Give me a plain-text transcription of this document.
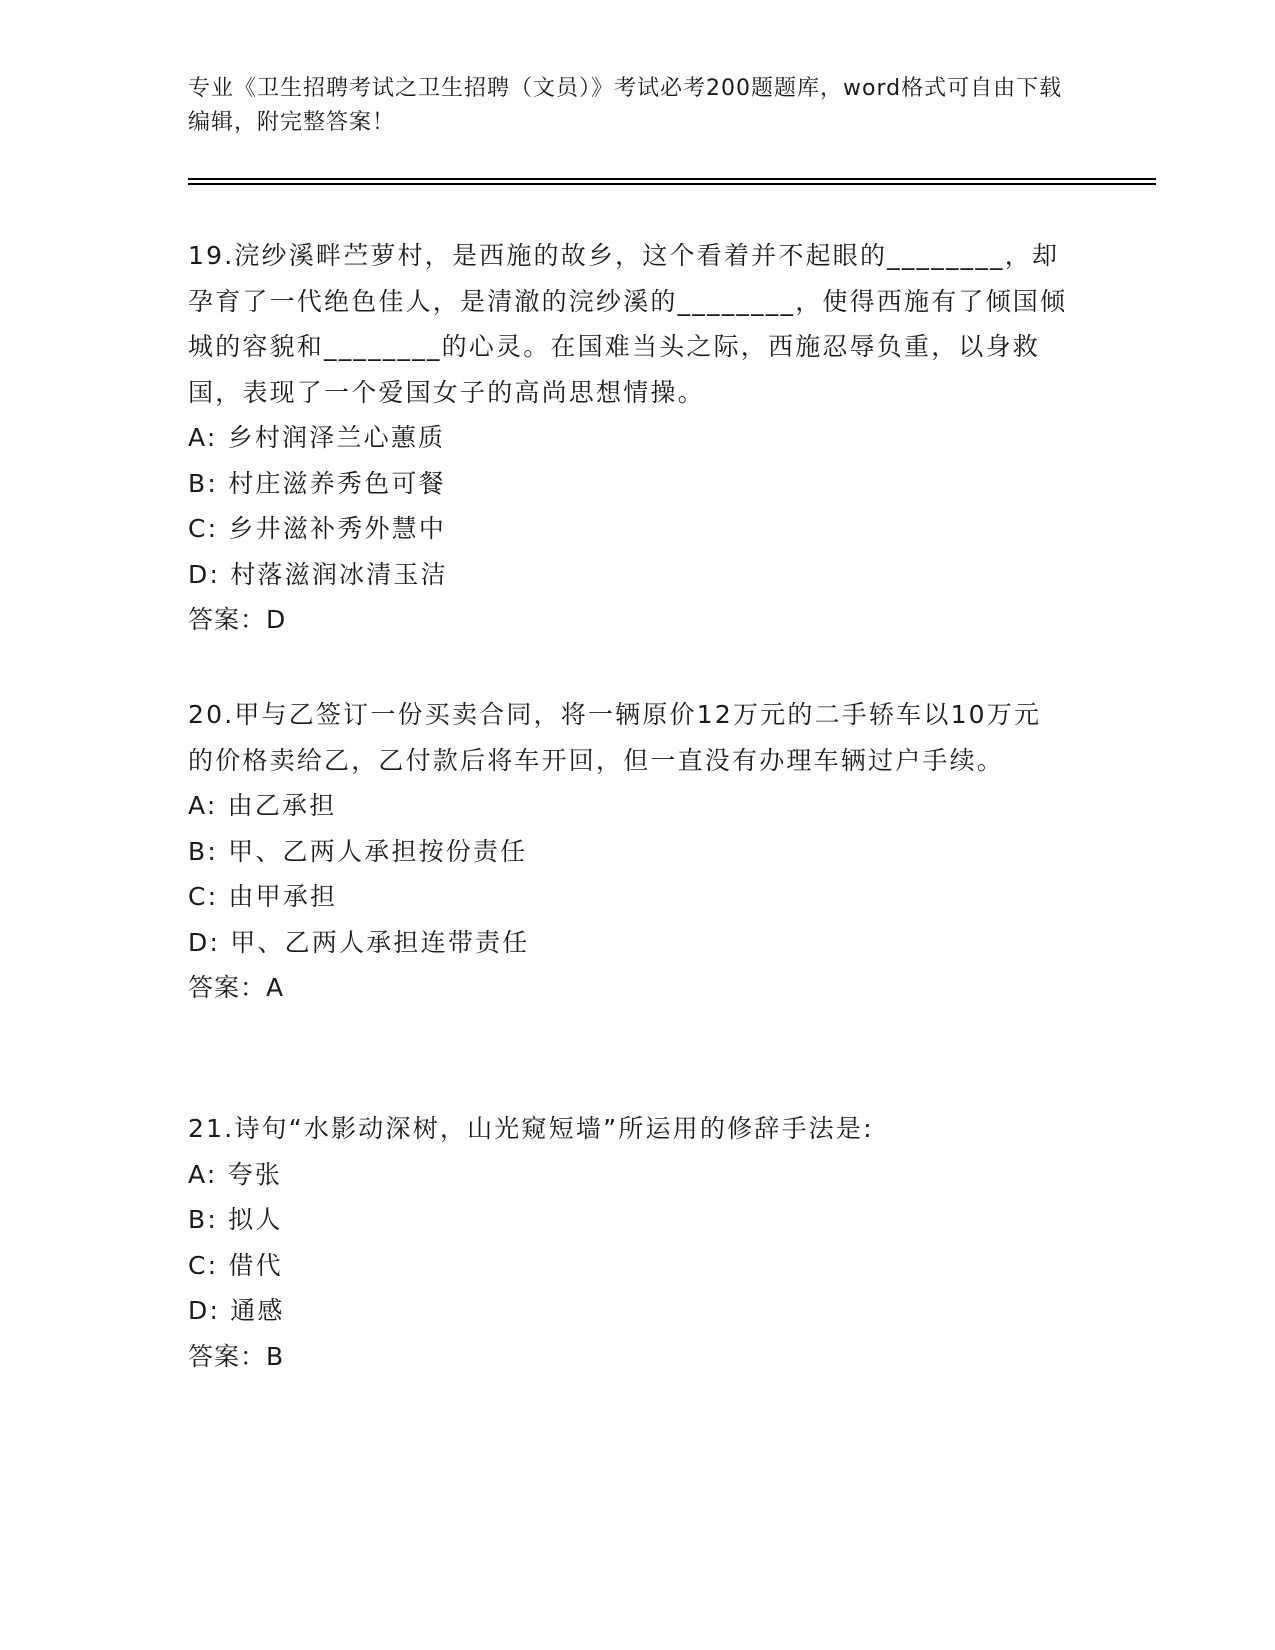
专业《卫生招聘考试之卫生招聘（文员）》考试必考200题题库，word格式可自由下载编辑，附完整答案！

19.浣纱溪畔苎萝村，是西施的故乡，这个看着并不起眼的________，却孕育了一代绝色佳人，是清澈的浣纱溪的________，使得西施有了倾国倾城的容貌和________的心灵。在国难当头之际，西施忍辱负重，以身救国，表现了一个爱国女子的高尚思想情操。

A: 乡村润泽兰心蕙质

B: 村庄滋养秀色可餐

C: 乡井滋补秀外慧中

D: 村落滋润冰清玉洁

答案：D

20.甲与乙签订一份买卖合同，将一辆原价12万元的二手轿车以10万元的价格卖给乙，乙付款后将车开回，但一直没有办理车辆过户手续。

A: 由乙承担

B: 甲、乙两人承担按份责任

C: 由甲承担

D: 甲、乙两人承担连带责任

答案：A

21.诗句“水影动深树，山光窥短墙”所运用的修辞手法是:

A: 夸张

B: 拟人

C: 借代

D: 通感

答案：B
